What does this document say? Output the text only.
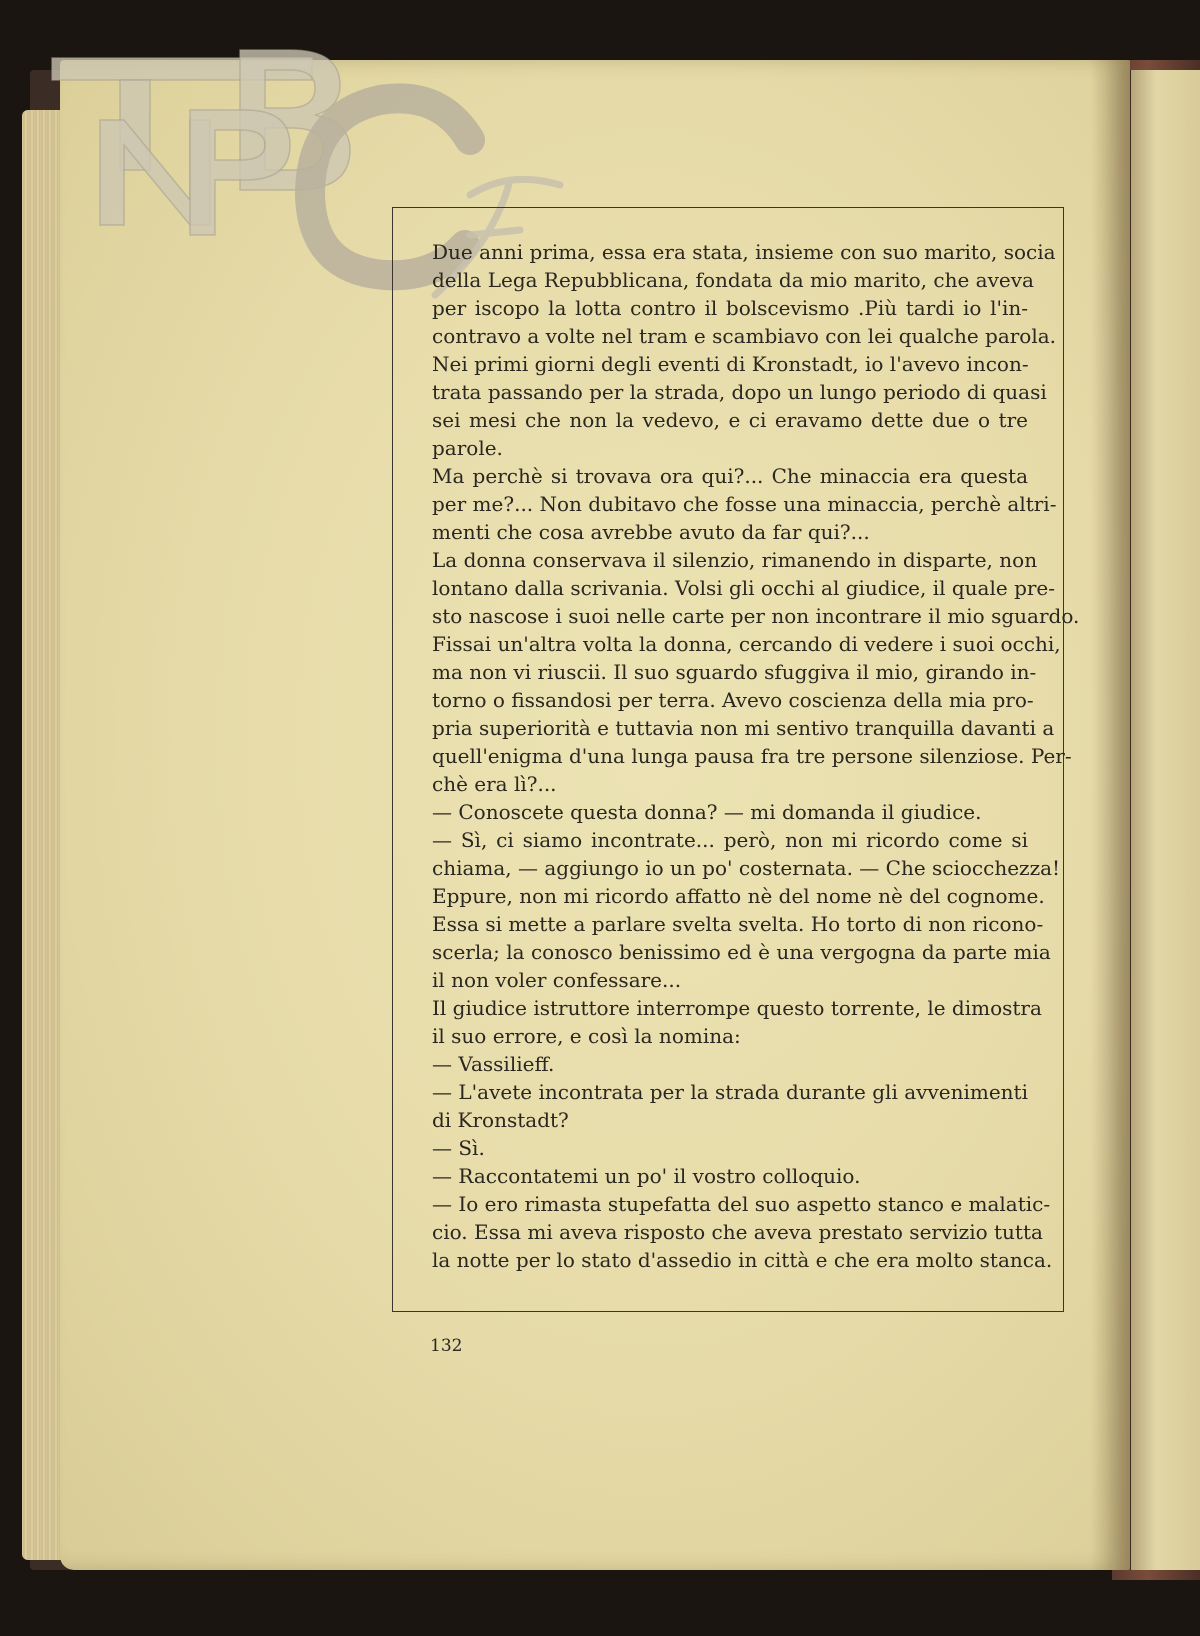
BNCF
Due anni prima, essa era stata, insieme con suo marito, socia
della Lega Repubblicana, fondata da mio marito, che aveva
per iscopo la lotta contro il bolscevismo .Più tardi io l'in-
contravo a volte nel tram e scambiavo con lei qualche parola.
Nei primi giorni degli eventi di Kronstadt, io l'avevo incon-
trata passando per la strada, dopo un lungo periodo di quasi
sei mesi che non la vedevo, e ci eravamo dette due o tre
parole.
Ma perchè si trovava ora qui?... Che minaccia era questa
per me?... Non dubitavo che fosse una minaccia, perchè altri-
menti che cosa avrebbe avuto da far qui?...
La donna conservava il silenzio, rimanendo in disparte, non
lontano dalla scrivania. Volsi gli occhi al giudice, il quale pre-
sto nascose i suoi nelle carte per non incontrare il mio sguardo.
Fissai un'altra volta la donna, cercando di vedere i suoi occhi,
ma non vi riuscii. Il suo sguardo sfuggiva il mio, girando in-
torno o fissandosi per terra. Avevo coscienza della mia pro-
pria superiorità e tuttavia non mi sentivo tranquilla davanti a
quell'enigma d'una lunga pausa fra tre persone silenziose. Per-
chè era lì?...
— Conoscete questa donna? — mi domanda il giudice.
— Sì, ci siamo incontrate... però, non mi ricordo come si
chiama, — aggiungo io un po' costernata. — Che sciocchezza!
Eppure, non mi ricordo affatto nè del nome nè del cognome.
Essa si mette a parlare svelta svelta. Ho torto di non ricono-
scerla; la conosco benissimo ed è una vergogna da parte mia
il non voler confessare...
Il giudice istruttore interrompe questo torrente, le dimostra
il suo errore, e così la nomina:
— Vassilieff.
— L'avete incontrata per la strada durante gli avvenimenti
di Kronstadt?
— Sì.
— Raccontatemi un po' il vostro colloquio.
— Io ero rimasta stupefatta del suo aspetto stanco e malatic-
cio. Essa mi aveva risposto che aveva prestato servizio tutta
la notte per lo stato d'assedio in città e che era molto stanca.
132
